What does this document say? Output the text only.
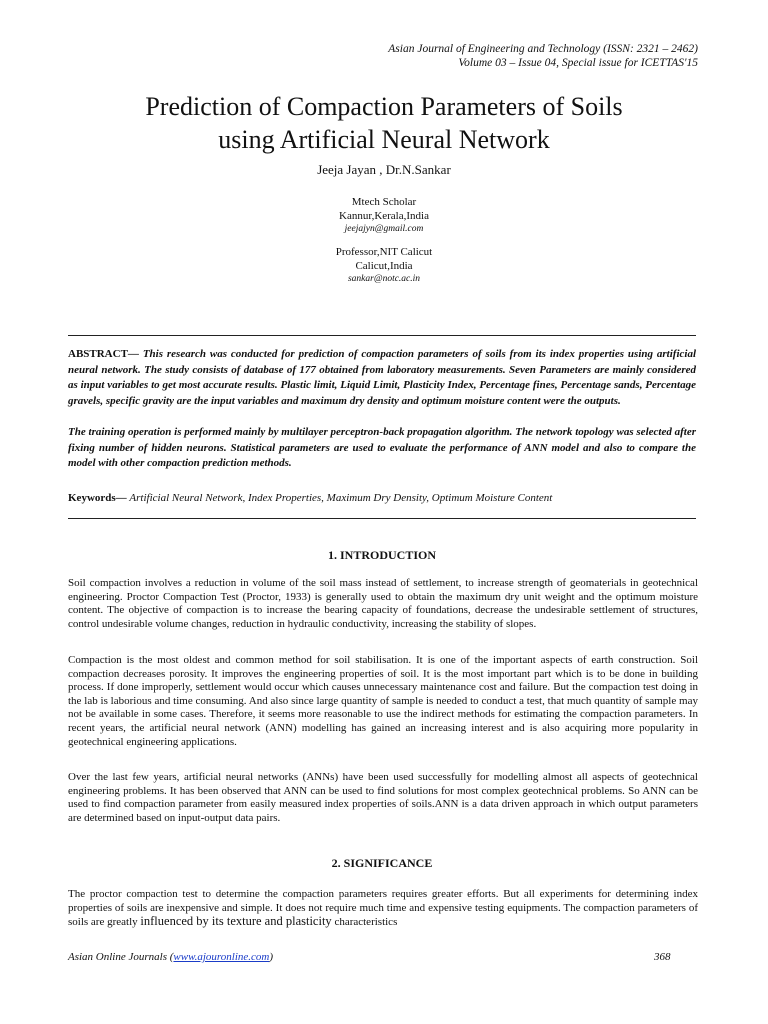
Asian Journal of Engineering and Technology (ISSN: 2321 – 2462)
Volume 03 – Issue 04, Special issue for ICETTAS'15
Prediction of Compaction Parameters of Soils
using Artificial Neural Network
Jeeja Jayan , Dr.N.Sankar
Mtech Scholar
Kannur,Kerala,India
jeejajyn@gmail.com
Professor,NIT Calicut
Calicut,India
sankar@notc.ac.in

ABSTRACT— This research was conducted for prediction of compaction parameters of soils from its index properties using artificial neural network. The study consists of database of 177 obtained from laboratory measurements. Seven Parameters are mainly considered as input variables to get most accurate results. Plastic limit, Liquid Limit, Plasticity Index, Percentage fines, Percentage sands, Percentage gravels, specific gravity are the input variables and maximum dry density and optimum moisture content were the outputs.

The training operation is performed mainly by multilayer perceptron-back propagation algorithm. The network topology was selected after fixing number of hidden neurons. Statistical parameters are used to evaluate the performance of ANN model and also to compare the model with other compaction prediction methods.

Keywords— Artificial Neural Network, Index Properties, Maximum Dry Density, Optimum Moisture Content

1. INTRODUCTION

Soil compaction involves a reduction in volume of the soil mass instead of settlement, to increase strength of geomaterials in geotechnical engineering. Proctor Compaction Test (Proctor, 1933) is generally used to obtain the maximum dry unit weight and the optimum moisture content. The objective of compaction is to increase the bearing capacity of foundations, decrease the undesirable settlement of structures, control undesirable volume changes, reduction in hydraulic conductivity, increasing the stability of slopes.

Compaction is the most oldest and common method for soil stabilisation. It is one of the important aspects of earth construction. Soil compaction decreases porosity. It improves the engineering properties of soil. It is the most important part which is to be done in building process. If done improperly, settlement would occur which causes unnecessary maintenance cost and failure. But the compaction test doing in the lab is laborious and time consuming. And also since large quantity of sample is needed to conduct a test, that much quantity of sample may not be available in some cases. Therefore, it seems more reasonable to use the indirect methods for estimating the compaction parameters. In recent years, the artificial neural network (ANN) modelling has gained an increasing interest and is also acquiring more popularity in geotechnical engineering applications.

Over the last few years, artificial neural networks (ANNs) have been used successfully for modelling almost all aspects of geotechnical engineering problems. It has been observed that ANN can be used to find solutions for most complex geotechnical problems. So ANN can be used to find compaction parameter from easily measured index properties of soils.ANN is a data driven approach in which output parameters are determined based on input-output data pairs.

2. SIGNIFICANCE

The proctor compaction test to determine the compaction parameters requires greater efforts. But all experiments for determining index properties of soils are inexpensive and simple. It does not require much time and expensive testing equipments. The compaction parameters of soils are greatly influenced by its texture and plasticity characteristics

Asian Online Journals (www.ajouronline.com)	368
